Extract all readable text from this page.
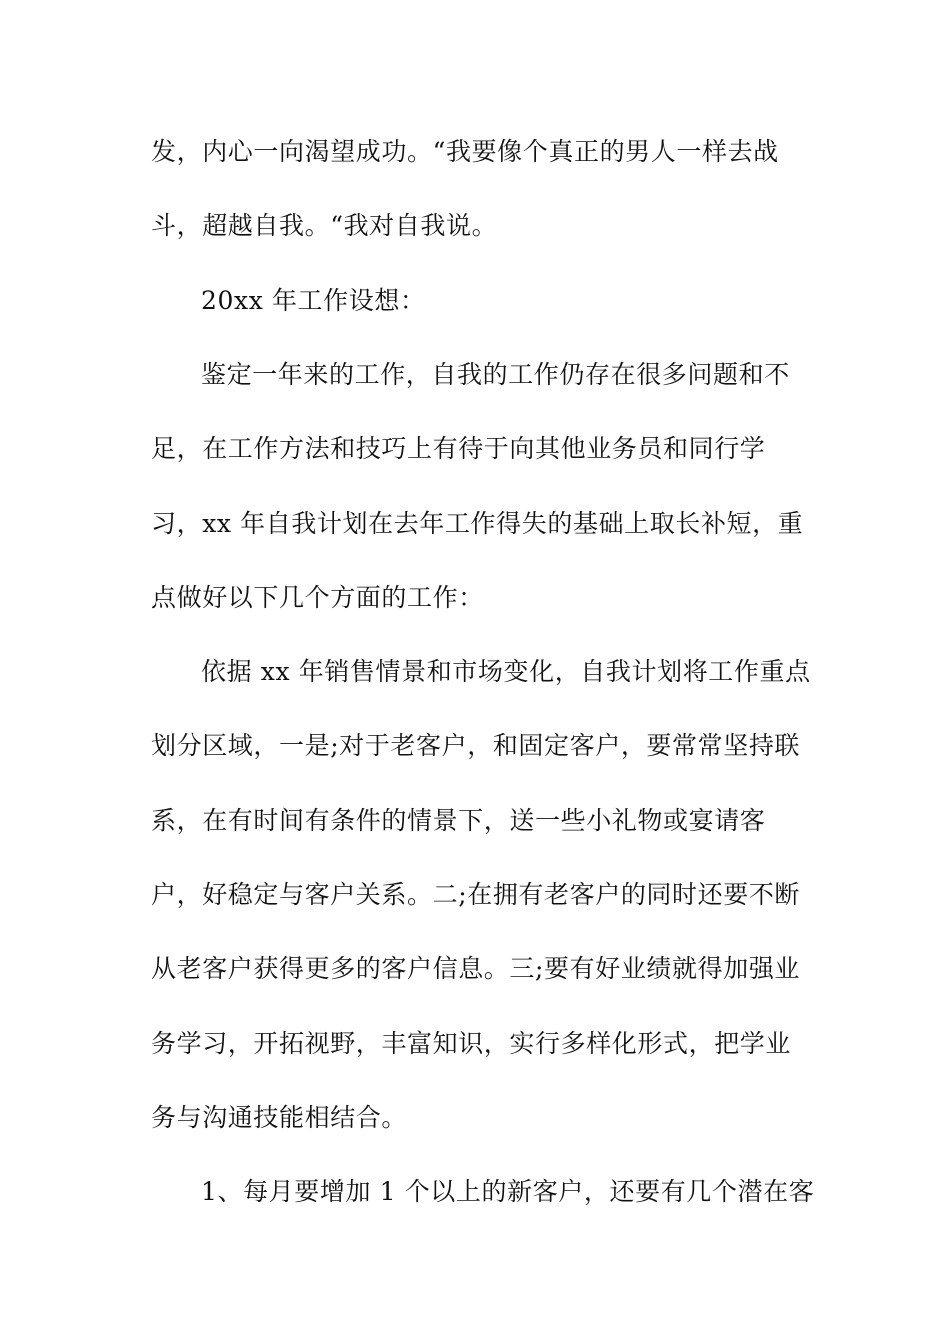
发，内心一向渴望成功。“我要像个真正的男人一样去战
斗，超越自我。“我对自我说。
20xx 年工作设想：
鉴定一年来的工作，自我的工作仍存在很多问题和不
足，在工作方法和技巧上有待于向其他业务员和同行学
习，xx 年自我计划在去年工作得失的基础上取长补短，重
点做好以下几个方面的工作：
依据 xx 年销售情景和市场变化，自我计划将工作重点
划分区域，一是;对于老客户，和固定客户，要常常坚持联
系，在有时间有条件的情景下，送一些小礼物或宴请客
户，好稳定与客户关系。二;在拥有老客户的同时还要不断
从老客户获得更多的客户信息。三;要有好业绩就得加强业
务学习，开拓视野，丰富知识，实行多样化形式，把学业
务与沟通技能相结合。
1、每月要增加 1 个以上的新客户，还要有几个潜在客
